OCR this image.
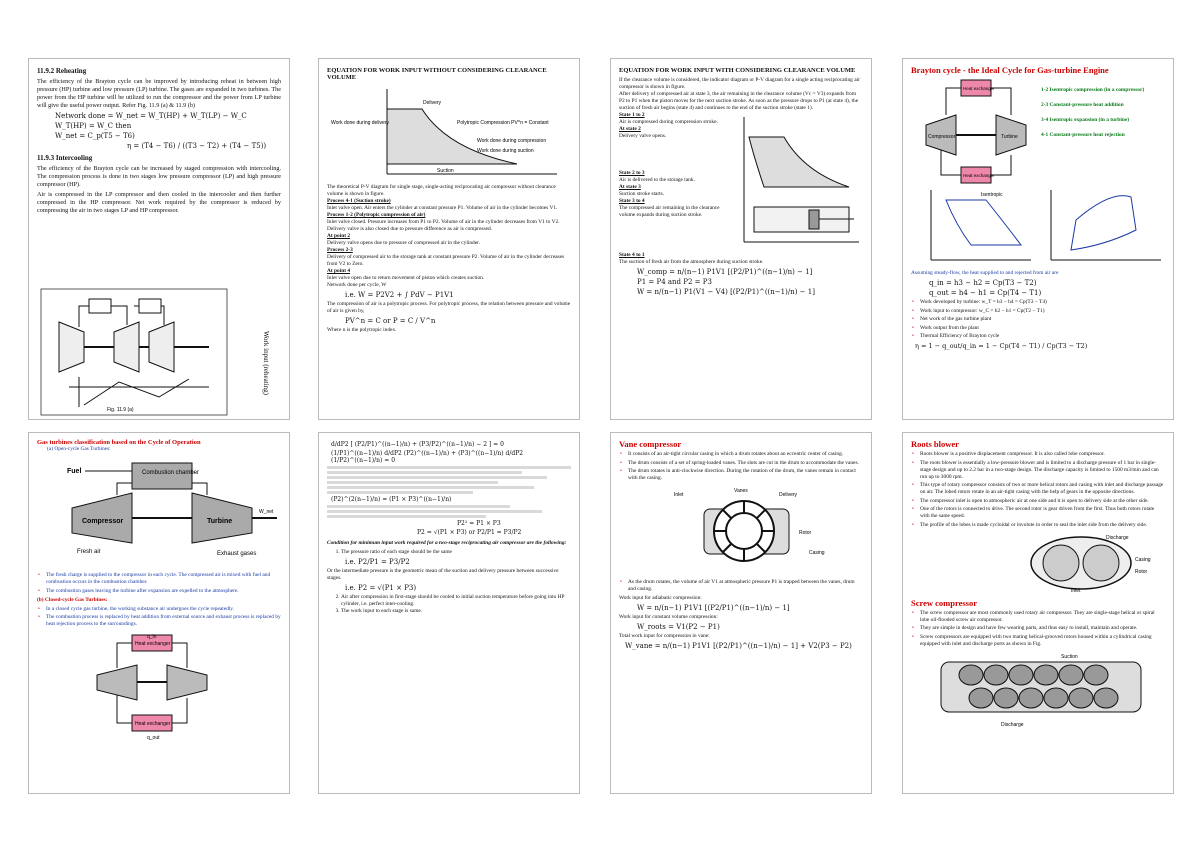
11.9.2 Reheating
The efficiency of the Brayton cycle can be improved by introducing reheat in between high pressure (HP) turbine and low pressure (LP) turbine. The gases are expanded in two turbines. The power from the HP turbine will be utilized to run the compressor and the power from LP turbine will give the useful power output. Refer Fig. 11.9 (a) & 11.9 (b)
Network done = W_net = W_T(HP) + W_T(LP) − W_C
W_T(HP) = W_C then
W_net = C_p(T5 − T6)
η = (T4 − T6) / ((T3 − T2) + (T4 − T5))
11.9.3 Intercooling
The efficiency of the Brayton cycle can be increased by staged compression with intercooling. The compression process is done in two stages low pressure compressor (LP) and high pressure compressor (HP).
Air is compressed in the LP compressor and then cooled in the intercooler and then further compressed in the HP compressor. Net work required by the compressor is reduced by compressing the air in two stages LP and HP compressor.
Fig. 11.9 (a)
Work input (reheating)
EQUATION FOR WORK INPUT WITHOUT CONSIDERING CLEARANCE VOLUME
Delivery
Polytropic Compression PV^n = Constant
Work done during delivery
Work done during compression
Work done during suction
Suction
The theoretical P-V diagram for single stage, single-acting reciprocating air compressor without clearance volume is shown in figure.
Process 4-1 (Suction stroke)
Inlet valve open. Air enters the cylinder at constant pressure P1. Volume of air in the cylinder becomes V1.
Process 1-2 (Polytropic compression of air)
Inlet valve closed. Pressure increases from P1 to P2. Volume of air in the cylinder decreases from V1 to V2. Delivery valve is also closed due to pressure difference as air is compressed.
At point 2
Delivery valve opens due to pressure of compressed air in the cylinder.
Process 2-3
Delivery of compressed air to the storage tank at constant pressure P2. Volume of air in the cylinder decreases from V2 to Zero.
At point 4
Inlet valve open due to return movement of piston which creates suction.
Network done per cycle, W
i.e. W = P2V2 + ∫ PdV − P1V1
The compression of air is a polytropic process. For polytropic process, the relation between pressure and volume of air is given by,
PV^n = C or P = C / V^n
Where n is the polytropic index.
EQUATION FOR WORK INPUT WITH CONSIDERING CLEARANCE VOLUME
If the clearance volume is considered, the indicator diagram or P-V diagram for a single acting reciprocating air compressor is shown in figure.
After delivery of compressed air at state 3, the air remaining in the clearance volume (Vc = V3) expands from P2 to P1 when the piston moves for the next suction stroke. As soon as the pressure drops to P1 (at state 4), the suction of fresh air begins (state 4) and continues to the end of the suction stroke (state 1).
State 1 to 2
Air is compressed during compression stroke.
At state 2
Delivery valve opens.
State 2 to 3
Air is delivered to the storage tank.
At state 3
Suction stroke starts.
State 3 to 4
The compressed air remaining in the clearance volume expands during suction stroke.
State 4 to 1
The suction of fresh air from the atmosphere during suction stroke.
W_comp = n/(n−1) P1V1 [(P2/P1)^((n−1)/n) − 1]
P1 = P4 and P2 = P3
W = n/(n−1) P1(V1 − V4) [(P2/P1)^((n−1)/n) − 1]
Brayton cycle - the Ideal Cycle for Gas-turbine Engine
Heat exchanger
Compressor	Turbine
Heat exchanger
1-2 Isentropic compression (in a compressor)
2-3 Constant-pressure heat addition
3-4 Isentropic expansion (in a turbine)
4-1 Constant-pressure heat rejection
Isentropic
Assuming steady-flow, the heat supplied to and rejected from air are
q_in = h3 − h2 = Cp(T3 − T2)
q_out = h4 − h1 = Cp(T4 − T1)
• Work developed by turbine: w_T = h3 − h4 = Cp(T3 − T4)
• Work input to compressor: w_C = h2 − h1 = Cp(T2 − T1)
• Net work of the gas turbine plant
• Work output from the plant
• Thermal Efficiency of Brayton cycle
η = 1 − q_out/q_in = 1 − Cp(T4 − T1) / Cp(T3 − T2)
Gas turbines classification based on the Cycle of Operation
(a) Open-cycle Gas Turbines:
Combustion chamber
Fuel
Compressor	Turbine
W_net
Fresh air	Exhaust gases
• The fresh charge is supplied to the compressor in each cycle. The compressed air is mixed with fuel and combustion occurs in the combustion chamber.
• The combustion gases leaving the turbine after expansion are expelled to the atmosphere.
(b) Closed-cycle Gas Turbines:
• In a closed cycle gas turbine, the working substance air undergoes the cycle repeatedly.
• The combustion process is replaced by heat addition from external source and exhaust process is replaced by heat rejection process to the surroundings.
Heat exchanger
Heat exchanger
q_in
q_out
d/dP2 [ (P2/P1)^((n−1)/n) + (P3/P2)^((n−1)/n) − 2 ] = 0
(1/P1)^((n−1)/n) d/dP2 (P2)^((n−1)/n) + (P3)^((n−1)/n) d/dP2 (1/P2)^((n−1)/n) = 0
(P2)^(2(n−1)/n) = (P1 × P3)^((n−1)/n)
P2² = P1 × P3
P2 = √(P1 × P3) or P2/P1 = P3/P2
Condition for minimum input work required for a two-stage reciprocating air compressor are the following:
1. The pressure ratio of each stage should be the same
i.e. P2/P1 = P3/P2
Or the intermediate pressure is the geometric mean of the suction and delivery pressure between successive stages.
i.e. P2 = √(P1 × P3)
2. Air after compression in first-stage should be cooled to initial suction temperature before going into HP cylinder, i.e. perfect inter-cooling.
3. The work input to each stage is same.
Vane compressor
• It consists of an air-tight circular casing in which a drum rotates about an eccentric center of casing.
• The drum consists of a set of spring-loaded vanes. The slots are cut in the drum to accommodate the vanes.
• The drum rotates in anti-clockwise direction. During the rotation of the drum, the vanes remain in contact with the casing.
Casing
Delivery
Inlet
Vanes
Rotor
• As the drum rotates, the volume of air V1 at atmospheric pressure P1 is trapped between the vanes, drum and casing.
Work input for adiabatic compression:
W = n/(n−1) P1V1 [(P2/P1)^((n−1)/n) − 1]
Work input for constant volume compression:
W_roots = V1(P2 − P1)
Total work input for compression in vane:
W_vane = n/(n−1) P1V1 [(P2/P1)^((n−1)/n) − 1] + V2(P3 − P2)
Roots blower
• Roots blower is a positive displacement compressor. It is also called lobe compressor.
• The roots blower is essentially a low-pressure blower and is limited to a discharge pressure of 1 bar in single-stage design and up to 2.2 bar in a two-stage design. The discharge capacity is limited to 1500 m3/min and can run up to 3000 rpm.
• This type of rotary compressor consists of two or more helical rotors and casing with inlet and discharge passage on air. The lobed rotors rotate in an air-tight casing with the help of gears in the opposite directions.
• The compressor inlet is open to atmospheric air at one side and it is open to delivery side at the other side.
• One of the rotors is connected to drive. The second rotor is gear driven from the first. Thus both rotors rotate with the same speed.
• The profile of the lobes is made cycloidal or involute in order to seal the inlet side from the delivery side.
Discharge
Inlet
Casing
Rotor
Screw compressor
• The screw compressor are most commonly used rotary air compressor. They are single-stage helical or spiral lobe oil-flooded screw air compressor.
• They are simple in design and have few wearing parts, and thus easy to install, maintain and operate.
• Screw compressors are equipped with two mating helical-grooved rotors housed within a cylindrical casing equipped with inlet and discharge ports as shown in Fig.
Suction
Discharge
